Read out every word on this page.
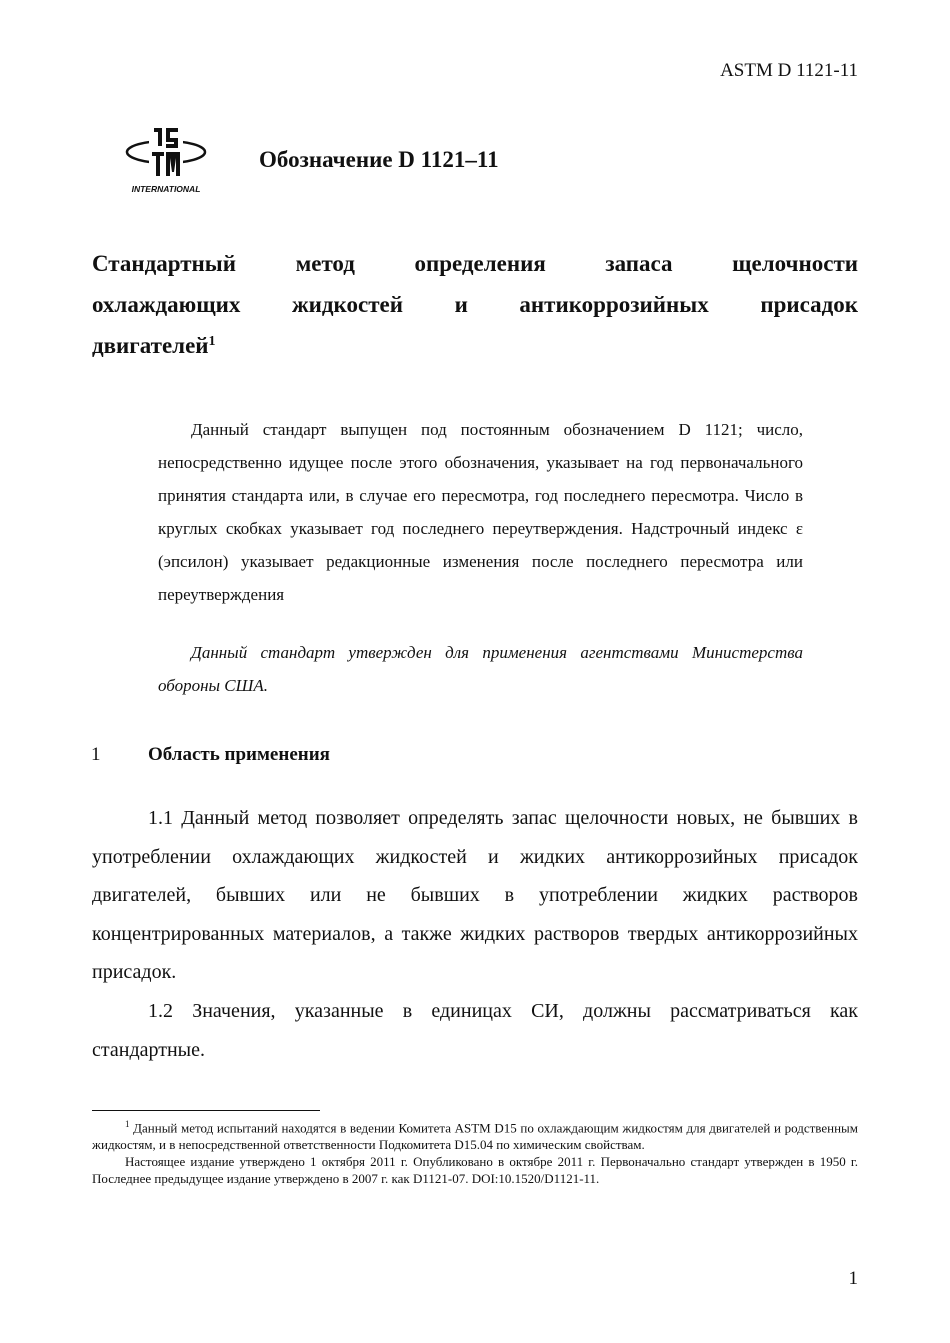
ASTM D 1121-11
INTERNATIONAL
Обозначение D 1121–11
Стандартный метод определения запаса щелочности
охлаждающих жидкостей и антикоррозийных присадок
двигателей$^1$

Данный стандарт выпущен под постоянным обозначением D 1121; число, непосредственно идущее после этого обозначения, указывает на год первоначального принятия стандарта или, в случае его пересмотра, год последнего пересмотра. Число в круглых скобках указывает год последнего переутверждения. Надстрочный индекс ε (эпсилон) указывает редакционные изменения после последнего пересмотра или переутверждения

Данный стандарт утвержден для применения агентствами Министерства обороны США.

1	Область применения

1.1 Данный метод позволяет определять запас щелочности новых, не бывших в употреблении охлаждающих жидкостей и жидких антикоррозийных присадок двигателей, бывших или не бывших в употреблении жидких растворов концентрированных материалов, а также жидких растворов твердых антикоррозийных присадок.

1.2 Значения, указанные в единицах СИ, должны рассматриваться как стандартные.

$^1$ Данный метод испытаний находятся в ведении Комитета ASTM D15 по охлаждающим жидкостям для двигателей и родственным жидкостям, и в непосредственной ответственности Подкомитета D15.04 по химическим свойствам.

Настоящее издание утверждено 1 октября 2011 г. Опубликовано в октябре 2011 г. Первоначально стандарт утвержден в 1950 г. Последнее предыдущее издание утверждено в 2007 г. как D1121-07. DOI:10.1520/D1121-11.

1
